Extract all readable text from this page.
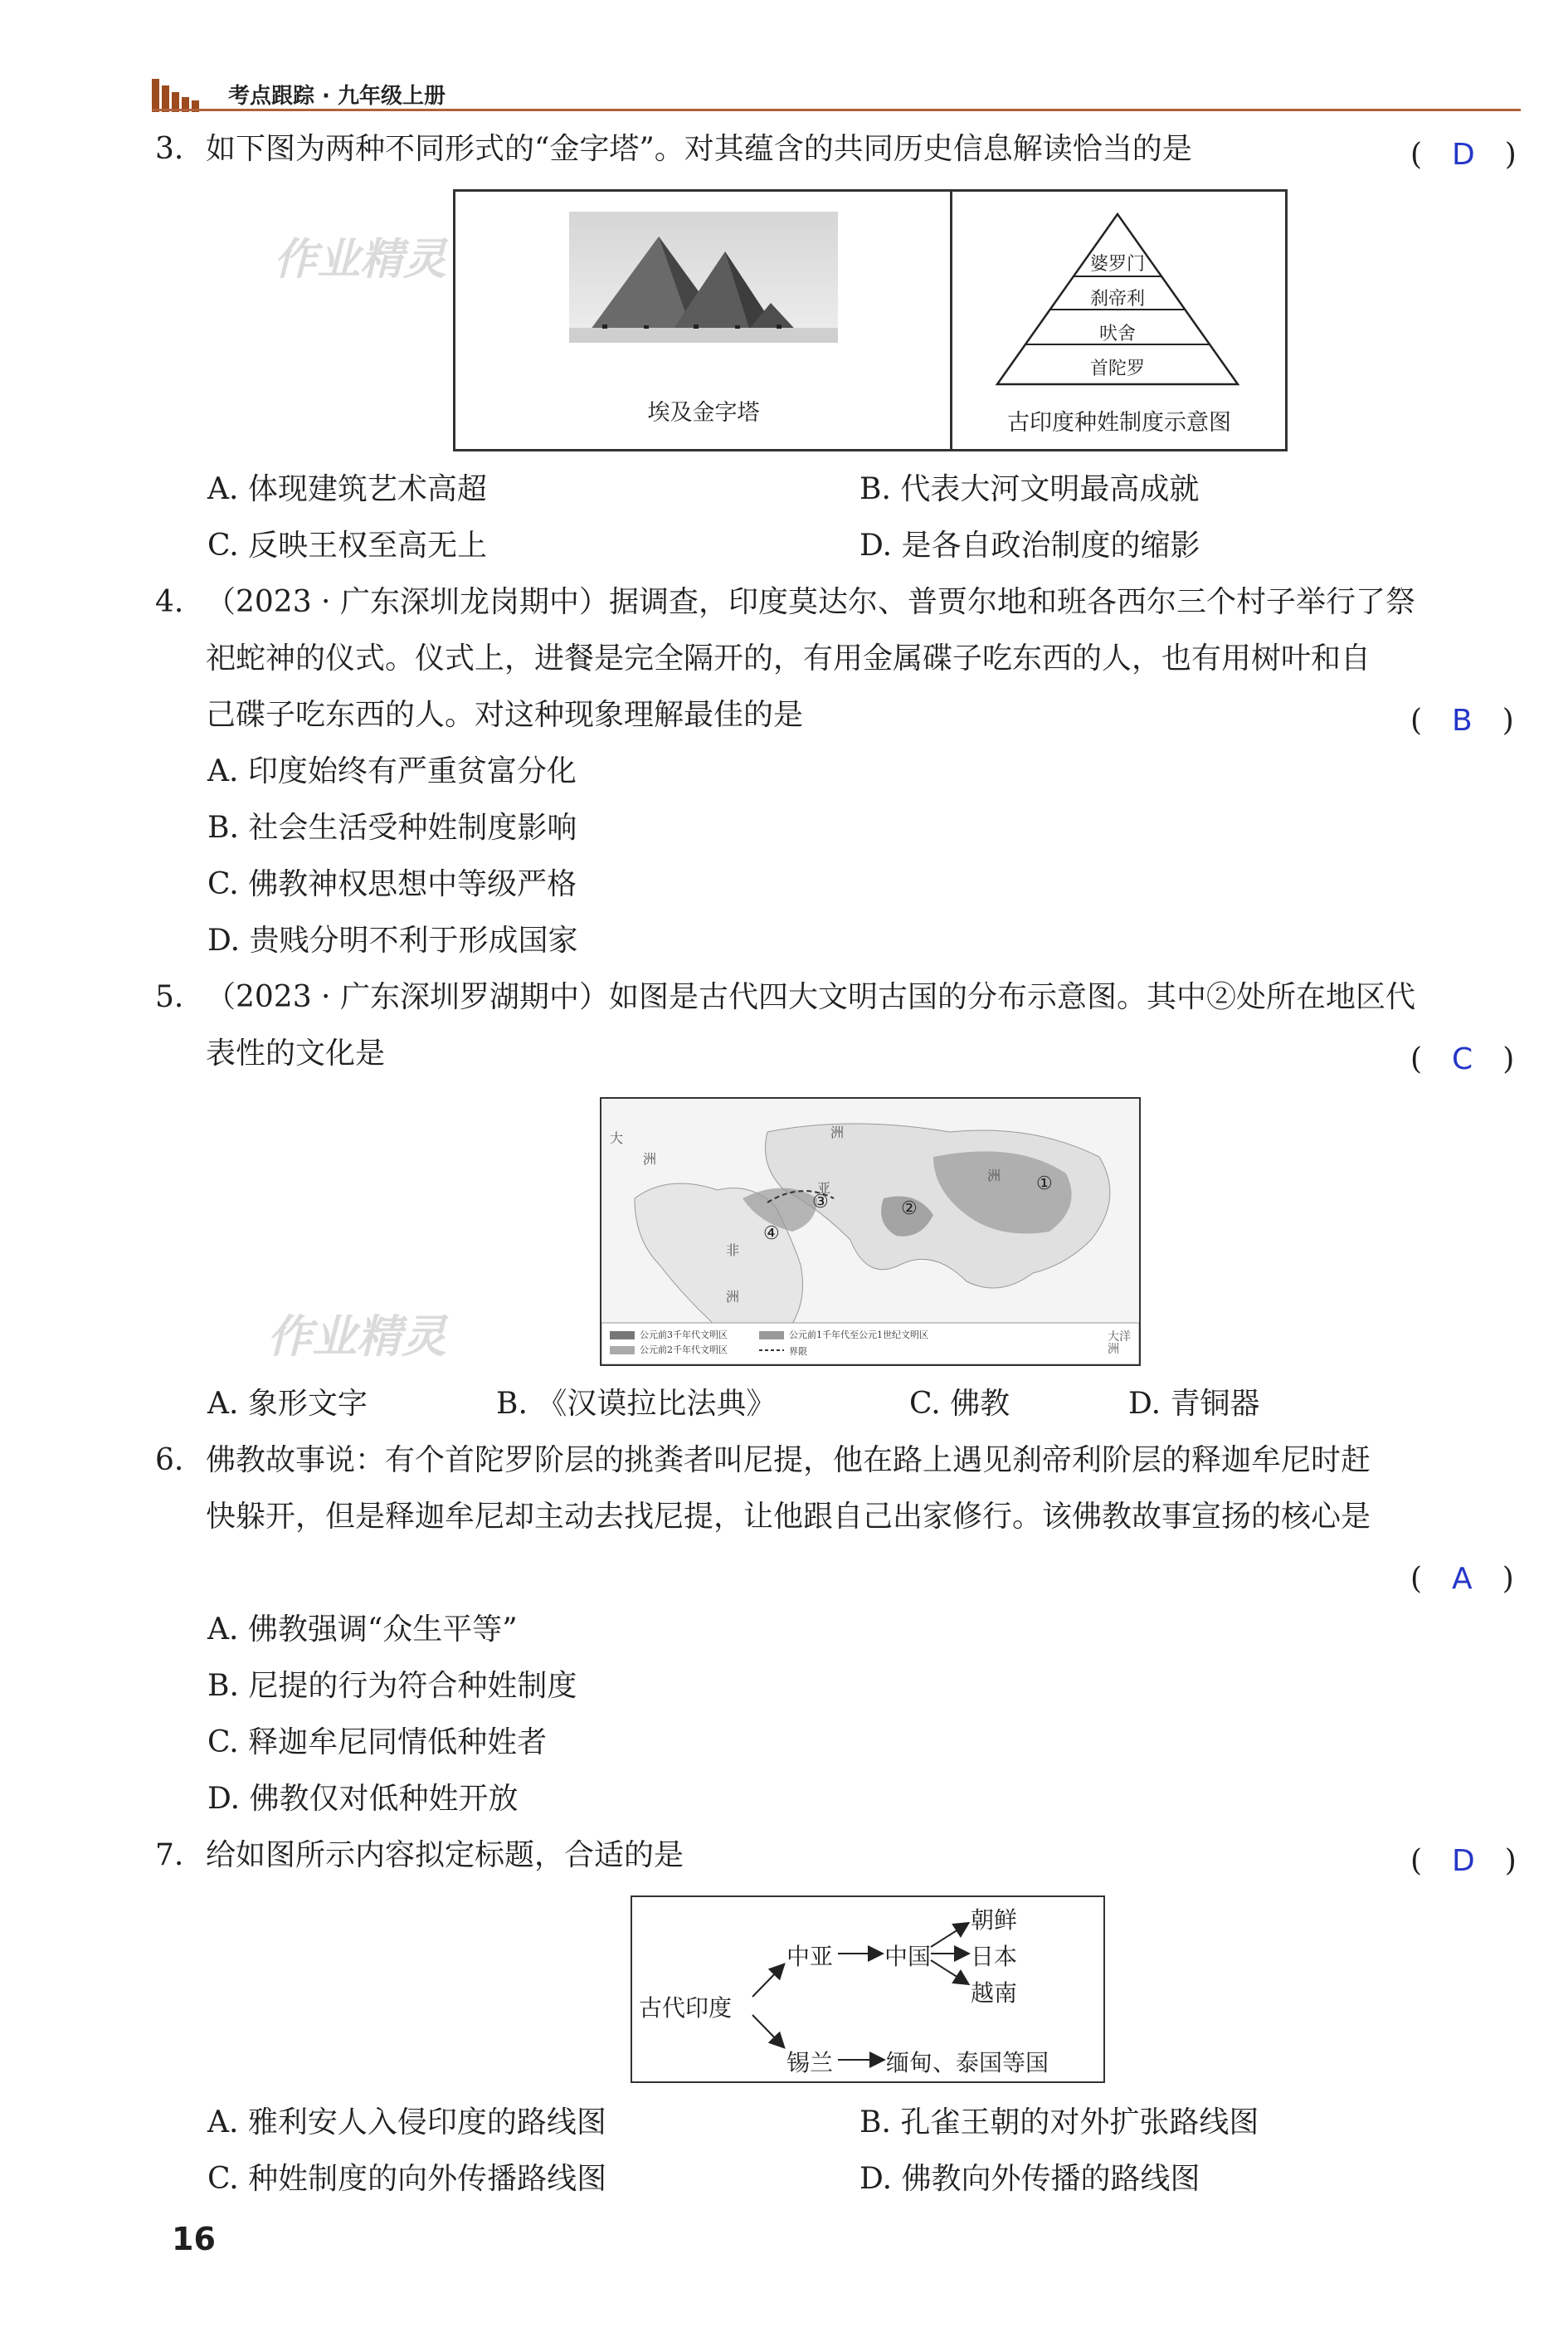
考点跟踪 · 九年级上册
3. 如下图为两种不同形式的“金字塔”。对其蕴含的共同历史信息解读恰当的是	(　D　)
埃及金字塔
婆罗门
刹帝利
吠舍
首陀罗
古印度种姓制度示意图
作业精灵
A. 体现建筑艺术高超	B. 代表大河文明最高成就
C. 反映王权至高无上	D. 是各自政治制度的缩影
4. （2023 · 广东深圳龙岗期中）据调查，印度莫达尔、普贾尔地和班各西尔三个村子举行了祭
祀蛇神的仪式。仪式上，进餐是完全隔开的，有用金属碟子吃东西的人，也有用树叶和自
己碟子吃东西的人。对这种现象理解最佳的是	(　B　)
A. 印度始终有严重贫富分化
B. 社会生活受种姓制度影响
C. 佛教神权思想中等级严格
D. 贵贱分明不利于形成国家
5. （2023 · 广东深圳罗湖期中）如图是古代四大文明古国的分布示意图。其中②处所在地区代
表性的文化是	(　C　)
①
②
③
④
大
洲
洲
亚
洲
非
洲
大洋洲
公元前3千年代文明区
公元前2千年代文明区
公元前1千年代至公元1世纪文明区
界限
作业精灵
A. 象形文字	B. 《汉谟拉比法典》	C. 佛教	D. 青铜器
6. 佛教故事说：有个首陀罗阶层的挑粪者叫尼提，他在路上遇见刹帝利阶层的释迦牟尼时赶
快躲开，但是释迦牟尼却主动去找尼提，让他跟自己出家修行。该佛教故事宣扬的核心是
(　A　)
A. 佛教强调“众生平等”
B. 尼提的行为符合种姓制度
C. 释迦牟尼同情低种姓者
D. 佛教仅对低种姓开放
7. 给如图所示内容拟定标题，合适的是	(　D　)
古代印度
中亚 中国
朝鲜
日本
越南
锡兰 缅甸、泰国等国
A. 雅利安人入侵印度的路线图	B. 孔雀王朝的对外扩张路线图
C. 种姓制度的向外传播路线图	D. 佛教向外传播的路线图
16
